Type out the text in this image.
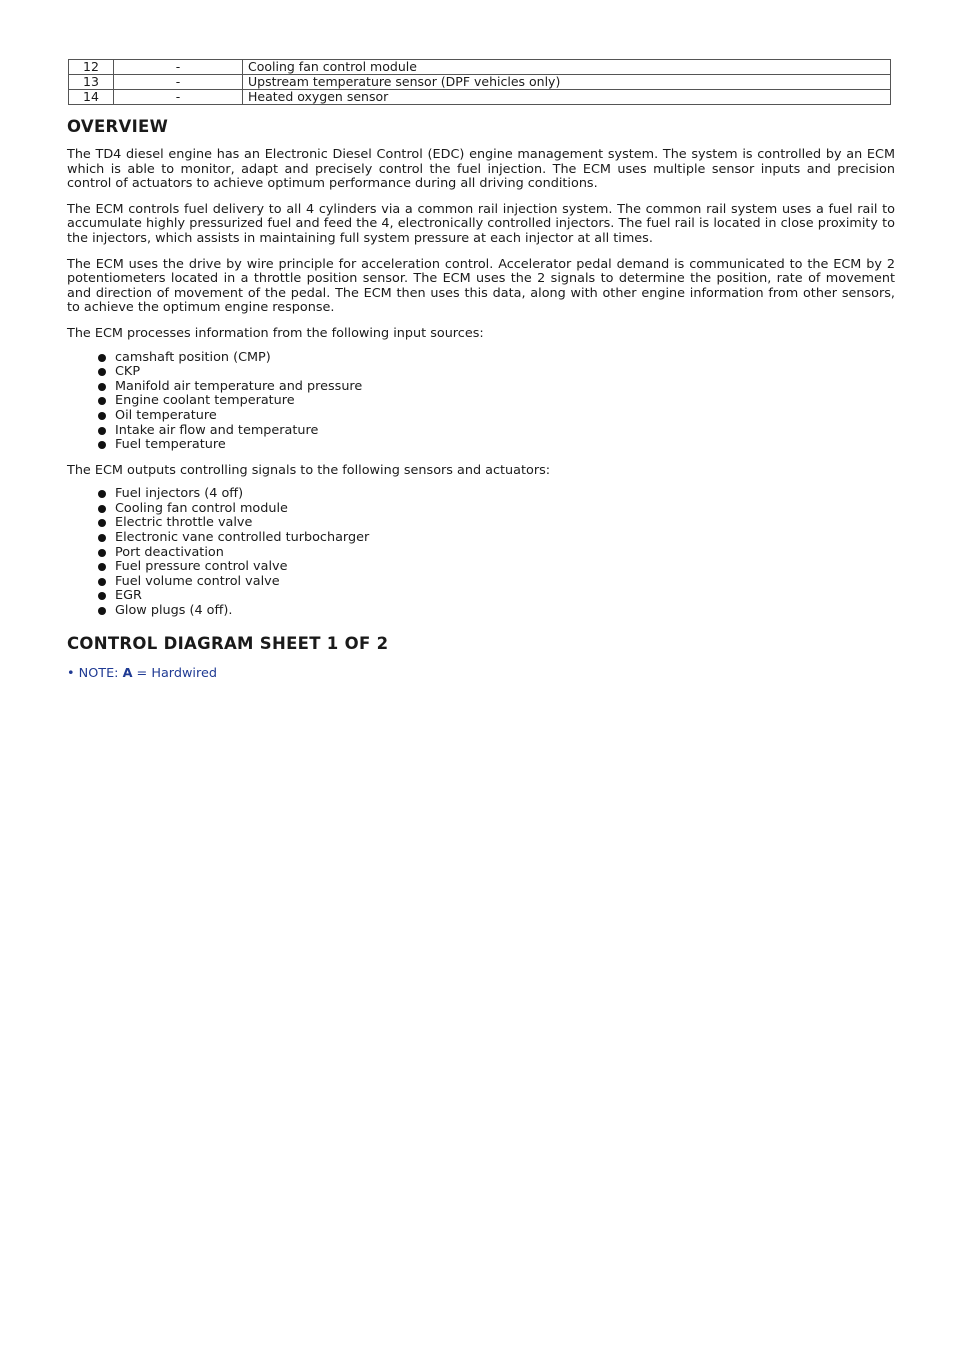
12	-	Cooling fan control module
13	-	Upstream temperature sensor (DPF vehicles only)
14	-	Heated oxygen sensor
OVERVIEW

The TD4 diesel engine has an Electronic Diesel Control (EDC) engine management system. The system is controlled by an ECM which is able to monitor, adapt and precisely control the fuel injection. The ECM uses multiple sensor inputs and precision control of actuators to achieve optimum performance during all driving conditions.

The ECM controls fuel delivery to all 4 cylinders via a common rail injection system. The common rail system uses a fuel rail to accumulate highly pressurized fuel and feed the 4, electronically controlled injectors. The fuel rail is located in close proximity to the injectors, which assists in maintaining full system pressure at each injector at all times.

The ECM uses the drive by wire principle for acceleration control. Accelerator pedal demand is communicated to the ECM by 2 potentiometers located in a throttle position sensor. The ECM uses the 2 signals to determine the position, rate of movement and direction of movement of the pedal. The ECM then uses this data, along with other engine information from other sensors, to achieve the optimum engine response.

The ECM processes information from the following input sources:

camshaft position (CMP)
CKP
Manifold air temperature and pressure
Engine coolant temperature
Oil temperature
Intake air flow and temperature
Fuel temperature

The ECM outputs controlling signals to the following sensors and actuators:

Fuel injectors (4 off)
Cooling fan control module
Electric throttle valve
Electronic vane controlled turbocharger
Port deactivation
Fuel pressure control valve
Fuel volume control valve
EGR
Glow plugs (4 off).
CONTROL DIAGRAM SHEET 1 OF 2
• NOTE: A = Hardwired
